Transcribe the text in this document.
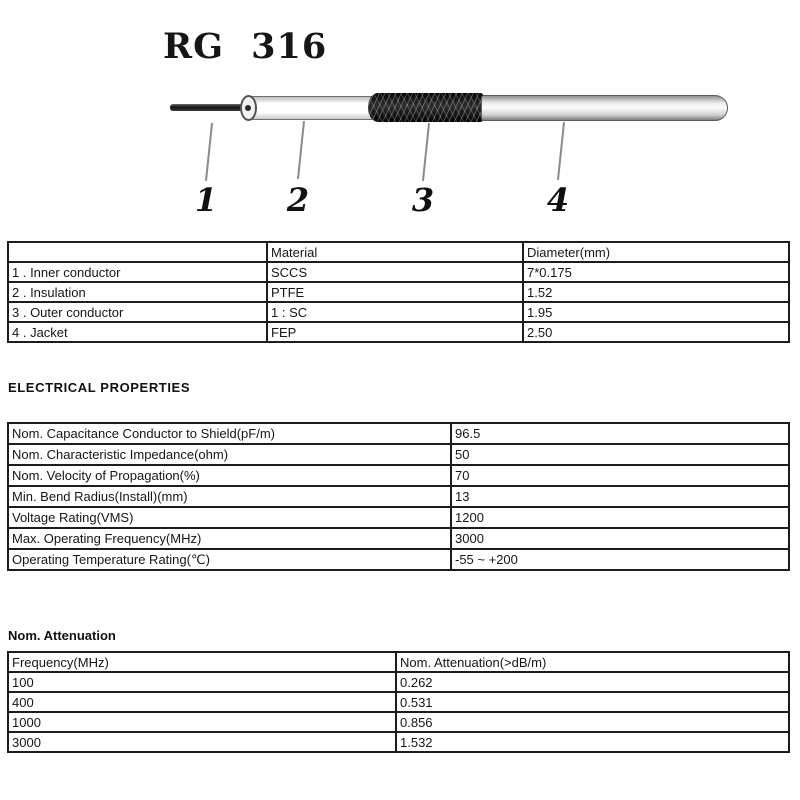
RG 316
1 2	3	4
	Material	Diameter(mm)
1 . Inner conductor	SCCS	7*0.175
2 . Insulation	PTFE	1.52
3 . Outer conductor	1 : SC	1.95
4 . Jacket	FEP	2.50
ELECTRICAL PROPERTIES
Nom. Capacitance Conductor to Shield(pF/m)	96.5
Nom. Characteristic Impedance(ohm)	50
Nom. Velocity of Propagation(%)	70
Min. Bend Radius(Install)(mm)	13
Voltage Rating(VMS)	1200
Max. Operating Frequency(MHz)	3000
Operating Temperature Rating(℃)	-55 ~ +200
Nom. Attenuation
Frequency(MHz)	Nom. Attenuation(>dB/m)
100	0.262
400	0.531
1000	0.856
3000	1.532
